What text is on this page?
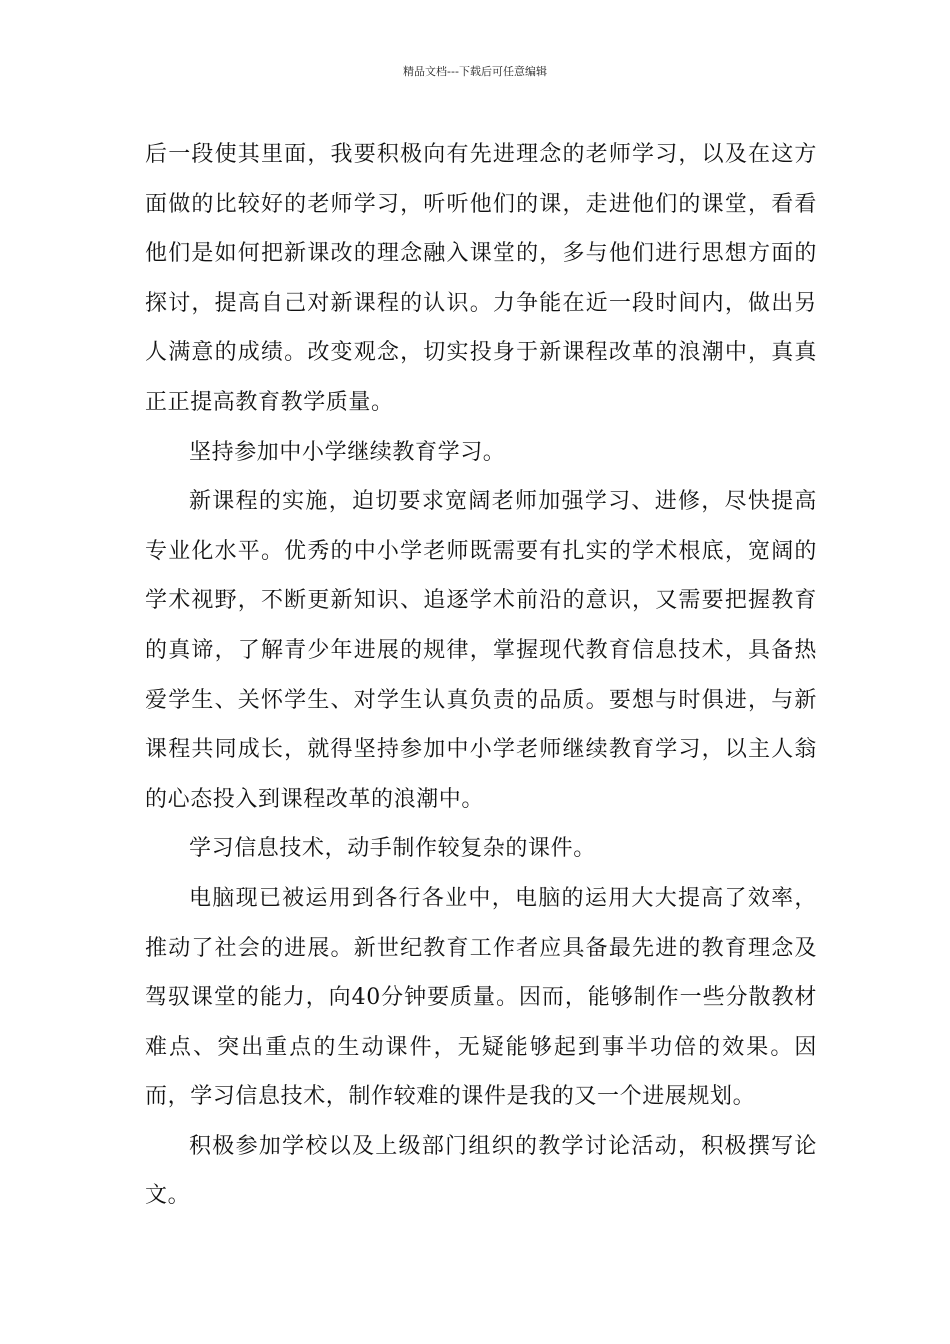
精品文档---下载后可任意编辑

后一段使其里面，我要积极向有先进理念的老师学习，以及在这方面做的比较好的老师学习，听听他们的课，走进他们的课堂，看看他们是如何把新课改的理念融入课堂的，多与他们进行思想方面的探讨，提高自己对新课程的认识。力争能在近一段时间内，做出另人满意的成绩。改变观念，切实投身于新课程改革的浪潮中，真真正正提高教育教学质量。

坚持参加中小学继续教育学习。

新课程的实施，迫切要求宽阔老师加强学习、进修，尽快提高专业化水平。优秀的中小学老师既需要有扎实的学术根底，宽阔的学术视野，不断更新知识、追逐学术前沿的意识，又需要把握教育的真谛，了解青少年进展的规律，掌握现代教育信息技术，具备热爱学生、关怀学生、对学生认真负责的品质。要想与时俱进，与新课程共同成长，就得坚持参加中小学老师继续教育学习，以主人翁的心态投入到课程改革的浪潮中。

学习信息技术，动手制作较复杂的课件。

电脑现已被运用到各行各业中，电脑的运用大大提高了效率，推动了社会的进展。新世纪教育工作者应具备最先进的教育理念及驾驭课堂的能力，向40分钟要质量。因而，能够制作一些分散教材难点、突出重点的生动课件，无疑能够起到事半功倍的效果。因而，学习信息技术，制作较难的课件是我的又一个进展规划。

积极参加学校以及上级部门组织的教学讨论活动，积极撰写论文。
